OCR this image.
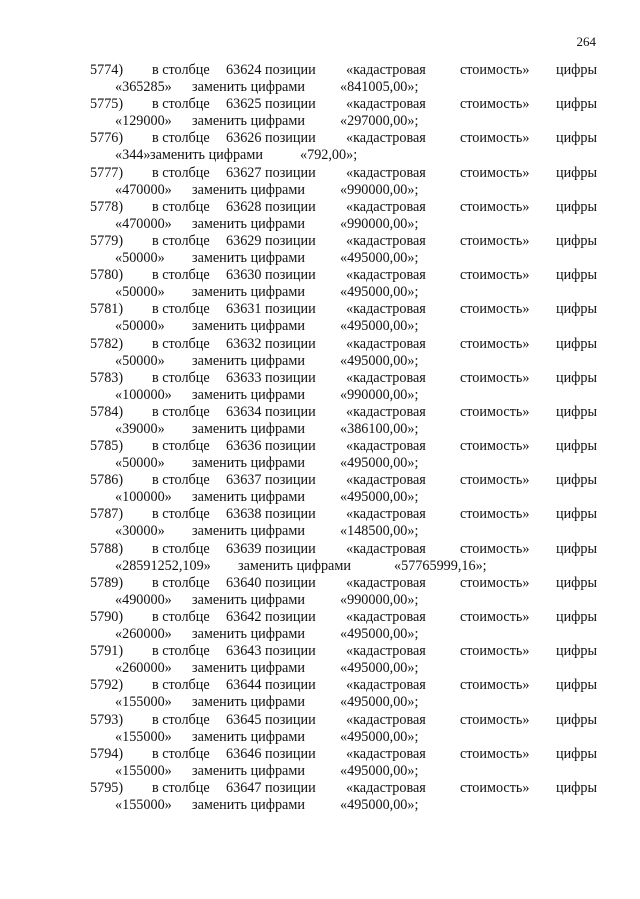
264
5774) в столбце 63624 позиции «кадастровая стоимость» цифры
«365285» заменить цифрами «841005,00»;
5775) в столбце 63625 позиции «кадастровая стоимость» цифры
«129000» заменить цифрами «297000,00»;
5776) в столбце 63626 позиции «кадастровая стоимость» цифры
«344» заменить цифрами	«792,00»;
5777) в столбце 63627 позиции «кадастровая стоимость» цифры
«470000» заменить цифрами «990000,00»;
5778) в столбце 63628 позиции «кадастровая стоимость» цифры
«470000» заменить цифрами «990000,00»;
5779) в столбце 63629 позиции «кадастровая стоимость» цифры
«50000» заменить цифрами «495000,00»;
5780) в столбце 63630 позиции «кадастровая стоимость» цифры
«50000» заменить цифрами «495000,00»;
5781) в столбце 63631 позиции «кадастровая стоимость» цифры
«50000» заменить цифрами «495000,00»;
5782) в столбце 63632 позиции «кадастровая стоимость» цифры
«50000» заменить цифрами «495000,00»;
5783) в столбце 63633 позиции «кадастровая стоимость» цифры
«100000» заменить цифрами «990000,00»;
5784) в столбце 63634 позиции «кадастровая стоимость» цифры
«39000» заменить цифрами «386100,00»;
5785) в столбце 63636 позиции «кадастровая стоимость» цифры
«50000» заменить цифрами «495000,00»;
5786) в столбце 63637 позиции «кадастровая стоимость» цифры
«100000» заменить цифрами «495000,00»;
5787) в столбце 63638 позиции «кадастровая стоимость» цифры
«30000» заменить цифрами «148500,00»;
5788) в столбце 63639 позиции «кадастровая стоимость» цифры
«28591252,109» заменить цифрами	«57765999,16»;
5789) в столбце 63640 позиции «кадастровая стоимость» цифры
«490000» заменить цифрами «990000,00»;
5790) в столбце 63642 позиции «кадастровая стоимость» цифры
«260000» заменить цифрами «495000,00»;
5791) в столбце 63643 позиции «кадастровая стоимость» цифры
«260000» заменить цифрами «495000,00»;
5792) в столбце 63644 позиции «кадастровая стоимость» цифры
«155000» заменить цифрами «495000,00»;
5793) в столбце 63645 позиции «кадастровая стоимость» цифры
«155000» заменить цифрами «495000,00»;
5794) в столбце 63646 позиции «кадастровая стоимость» цифры
«155000» заменить цифрами «495000,00»;
5795) в столбце 63647 позиции «кадастровая стоимость» цифры
«155000» заменить цифрами «495000,00»;
